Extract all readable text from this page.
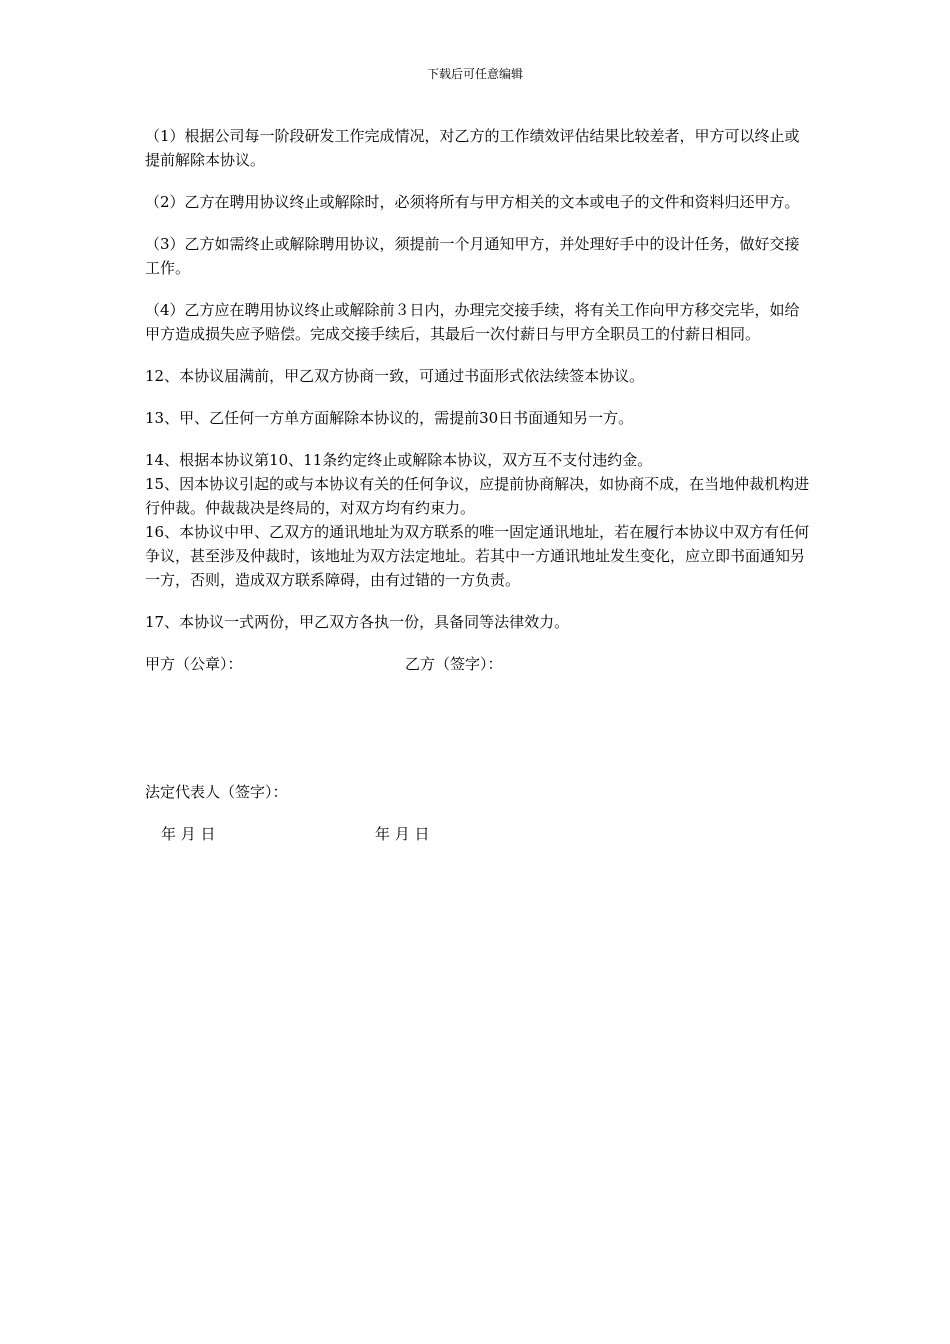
下载后可任意编辑

（1）根据公司每一阶段研发工作完成情况，对乙方的工作绩效评估结果比较差者，甲方可以终止或提前解除本协议。

（2）乙方在聘用协议终止或解除时，必须将所有与甲方相关的文本或电子的文件和资料归还甲方。

（3）乙方如需终止或解除聘用协议，须提前一个月通知甲方，并处理好手中的设计任务，做好交接工作。

（4）乙方应在聘用协议终止或解除前３日内，办理完交接手续，将有关工作向甲方移交完毕，如给甲方造成损失应予赔偿。完成交接手续后，其最后一次付薪日与甲方全职员工的付薪日相同。

12、本协议届满前，甲乙双方协商一致，可通过书面形式依法续签本协议。

13、甲、乙任何一方单方面解除本协议的，需提前30日书面通知另一方。

14、根据本协议第10、11条约定终止或解除本协议，双方互不支付违约金。

15、因本协议引起的或与本协议有关的任何争议，应提前协商解决，如协商不成，在当地仲裁机构进行仲裁。仲裁裁决是终局的，对双方均有约束力。

16、本协议中甲、乙双方的通讯地址为双方联系的唯一固定通讯地址，若在履行本协议中双方有任何争议，甚至涉及仲裁时，该地址为双方法定地址。若其中一方通讯地址发生变化，应立即书面通知另一方，否则，造成双方联系障碍，由有过错的一方负责。

17、本协议一式两份，甲乙双方各执一份，具备同等法律效力。

甲方（公章）：	乙方（签字）：

法定代表人（签字）：

年 月 日	年 月 日
